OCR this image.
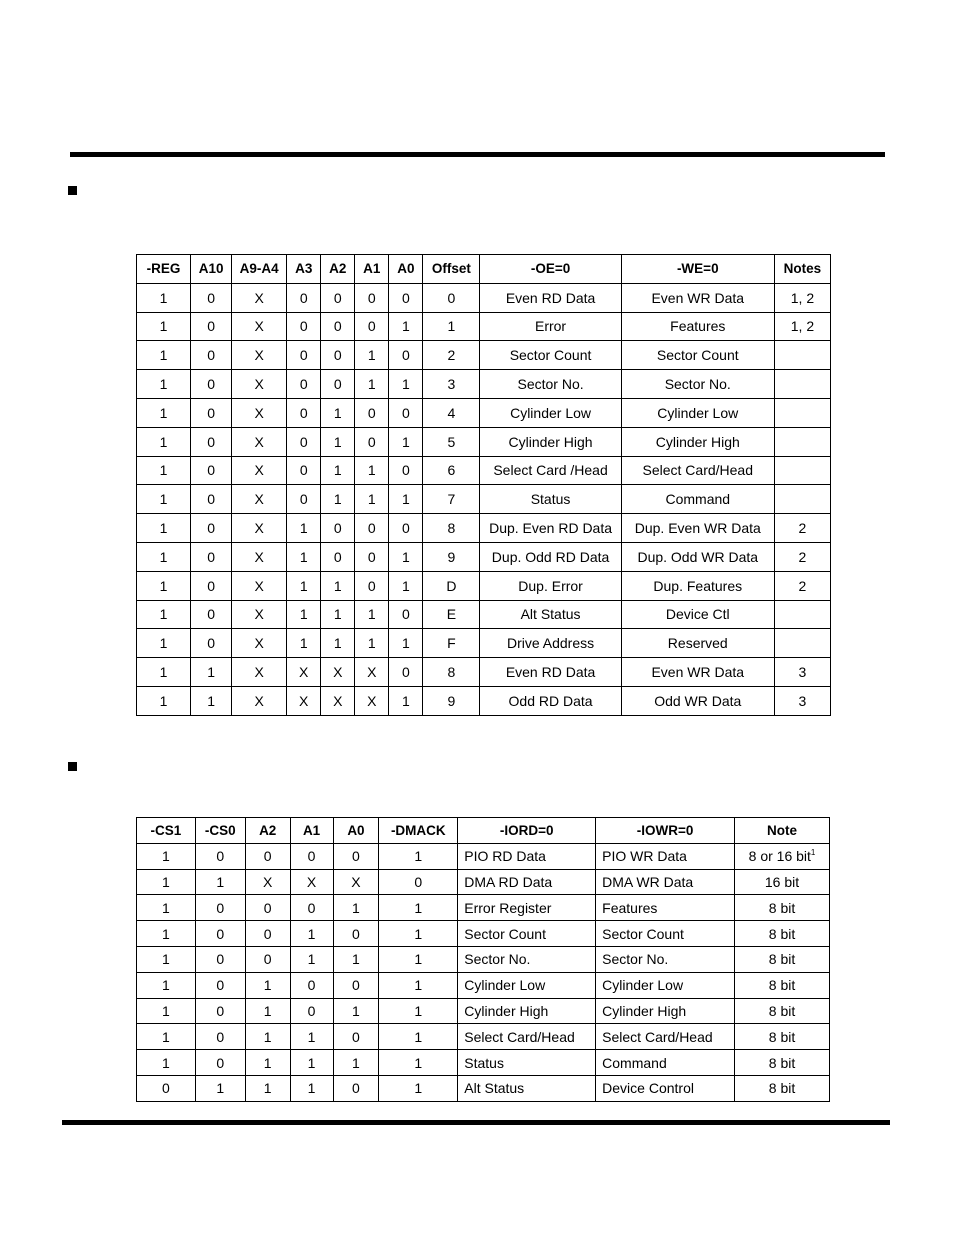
-REG	A10	A9-A4	A3	A2	A1	A0	Offset	-OE=0	-WE=0	Notes
1	0	X	0	0	0	0	0	Even RD Data	Even WR Data	1, 2
1	0	X	0	0	0	1	1	Error	Features	1, 2
1	0	X	0	0	1	0	2	Sector Count	Sector Count	
1	0	X	0	0	1	1	3	Sector No.	Sector No.	
1	0	X	0	1	0	0	4	Cylinder Low	Cylinder Low	
1	0	X	0	1	0	1	5	Cylinder High	Cylinder High	
1	0	X	0	1	1	0	6	Select Card /Head	Select Card/Head	
1	0	X	0	1	1	1	7	Status	Command	
1	0	X	1	0	0	0	8	Dup. Even RD Data	Dup. Even WR Data	2
1	0	X	1	0	0	1	9	Dup. Odd RD Data	Dup. Odd WR Data	2
1	0	X	1	1	0	1	D	Dup. Error	Dup. Features	2
1	0	X	1	1	1	0	E	Alt Status	Device Ctl	
1	0	X	1	1	1	1	F	Drive Address	Reserved	
1	1	X	X	X	X	0	8	Even RD Data	Even WR Data	3
1	1	X	X	X	X	1	9	Odd RD Data	Odd WR Data	3
-CS1	-CS0	A2	A1	A0	-DMACK	-IORD=0	-IOWR=0	Note
1	0	0	0	0	1	PIO RD Data	PIO WR Data	8 or 16 bit$^1$
1	1	X	X	X	0	DMA RD Data	DMA WR Data	16 bit
1	0	0	0	1	1	Error Register	Features	8 bit
1	0	0	1	0	1	Sector Count	Sector Count	8 bit
1	0	0	1	1	1	Sector No.	Sector No.	8 bit
1	0	1	0	0	1	Cylinder Low	Cylinder Low	8 bit
1	0	1	0	1	1	Cylinder High	Cylinder High	8 bit
1	0	1	1	0	1	Select Card/Head	Select Card/Head	8 bit
1	0	1	1	1	1	Status	Command	8 bit
0	1	1	1	0	1	Alt Status	Device Control	8 bit
